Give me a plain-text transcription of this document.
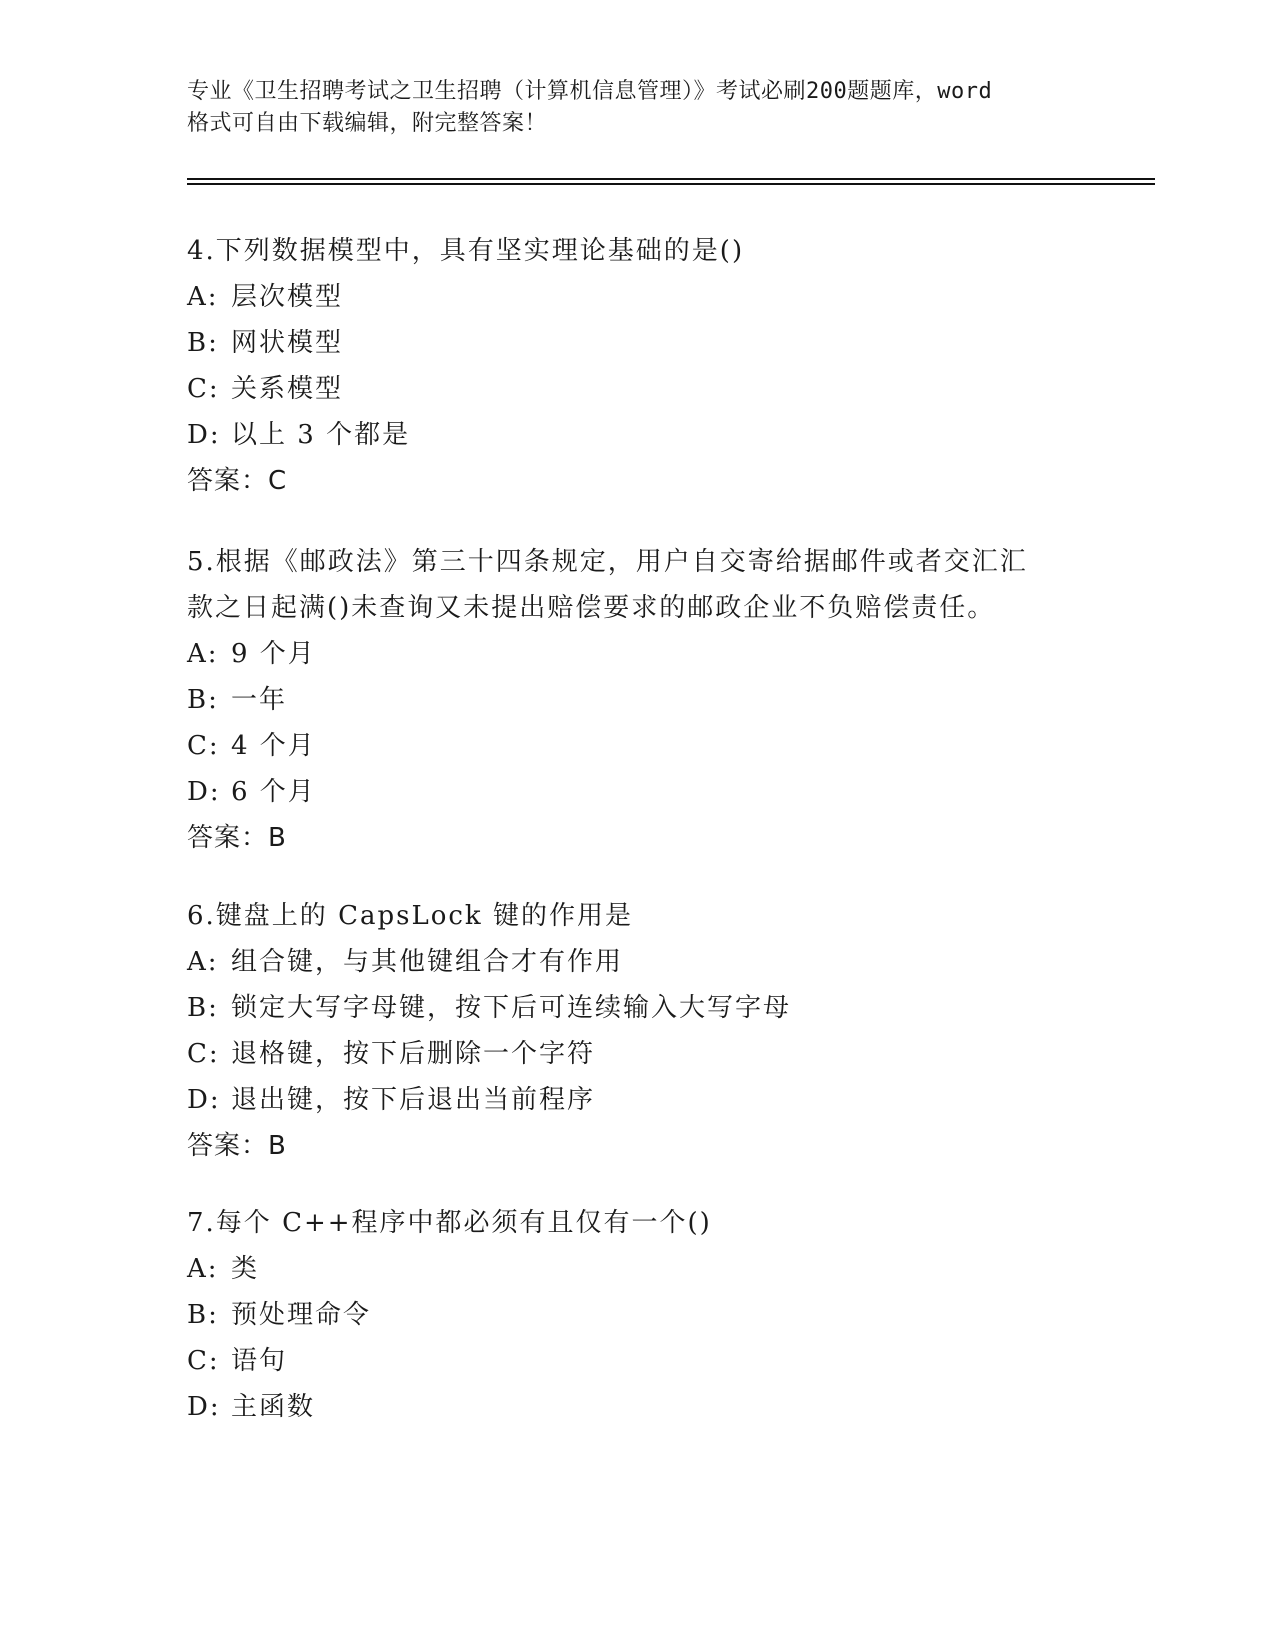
专业《卫生招聘考试之卫生招聘（计算机信息管理）》考试必刷200题题库，word
格式可自由下载编辑，附完整答案！
4.下列数据模型中，具有坚实理论基础的是()
A: 层次模型
B: 网状模型
C: 关系模型
D: 以上 3 个都是
答案：C
5.根据《邮政法》第三十四条规定，用户自交寄给据邮件或者交汇汇
款之日起满()未查询又未提出赔偿要求的邮政企业不负赔偿责任。
A: 9 个月
B: 一年
C: 4 个月
D: 6 个月
答案：B
6.键盘上的 CapsLock 键的作用是
A: 组合键，与其他键组合才有作用
B: 锁定大写字母键，按下后可连续输入大写字母
C: 退格键，按下后删除一个字符
D: 退出键，按下后退出当前程序
答案：B
7.每个 C++程序中都必须有且仅有一个()
A: 类
B: 预处理命令
C: 语句
D: 主函数
